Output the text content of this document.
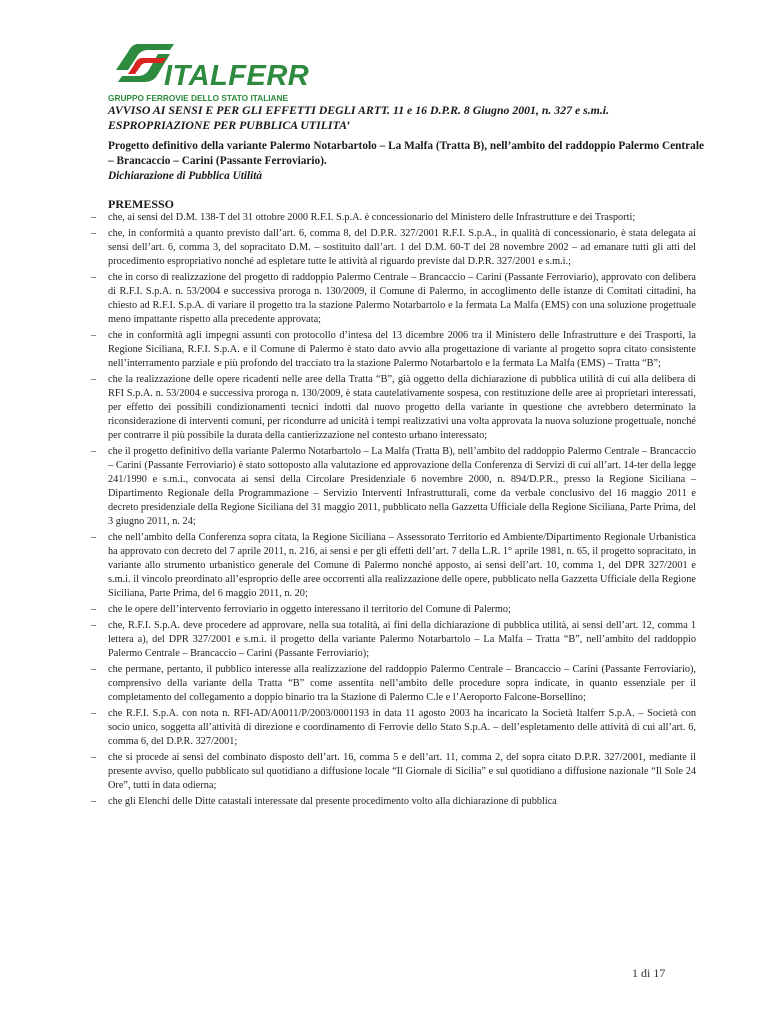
ITALFERR
GRUPPO FERROVIE DELLO STATO ITALIANE
AVVISO AI SENSI E PER GLI EFFETTI DEGLI ARTT. 11 e 16 D.P.R. 8 Giugno 2001, n. 327 e s.m.i.
ESPROPRIAZIONE PER PUBBLICA UTILITA’
Progetto definitivo della variante Palermo Notarbartolo – La Malfa (Tratta B), nell’ambito del raddoppio Palermo Centrale – Brancaccio – Carini (Passante Ferroviario).
Dichiarazione di Pubblica Utilità
PREMESSO
– che, ai sensi del D.M. 138-T del 31 ottobre 2000 R.F.I. S.p.A. è concessionario del Ministero delle Infrastrutture e dei Trasporti;
– che, in conformità a quanto previsto dall’art. 6, comma 8, del D.P.R. 327/2001 R.F.I. S.p.A., in qualità di concessionario, è stata delegata ai sensi dell’art. 6, comma 3, del sopracitato D.M. – sostituito dall’art. 1 del D.M. 60-T del 28 novembre 2002 – ad emanare tutti gli atti del procedimento espropriativo nonché ad espletare tutte le attività al riguardo previste dal D.P.R. 327/2001 e s.m.i.;
– che in corso di realizzazione del progetto di raddoppio Palermo Centrale – Brancaccio – Carini (Passante Ferroviario), approvato con delibera di R.F.I. S.p.A. n. 53/2004 e successiva proroga n. 130/2009, il Comune di Palermo, in accoglimento delle istanze di Comitati cittadini, ha chiesto ad R.F.I. S.p.A. di variare il progetto tra la stazione Palermo Notarbartolo e la fermata La Malfa (EMS) con una soluzione progettuale meno impattante rispetto alla precedente approvata;
– che in conformità agli impegni assunti con protocollo d’intesa del 13 dicembre 2006 tra il Ministero delle Infrastrutture e dei Trasporti, la Regione Siciliana, R.F.I. S.p.A. e il Comune di Palermo è stato dato avvio alla progettazione di variante al progetto sopra citato consistente nell’interramento parziale e più profondo del tracciato tra la stazione Palermo Notarbartolo e la fermata La Malfa (EMS) – Tratta “B”;
– che la realizzazione delle opere ricadenti nelle aree della Tratta “B”, già oggetto della dichiarazione di pubblica utilità di cui alla delibera di RFI S.p.A. n. 53/2004 e successiva proroga n. 130/2009, è stata cautelativamente sospesa, con restituzione delle aree ai proprietari interessati, per effetto dei possibili condizionamenti tecnici indotti dal nuovo progetto della variante in questione che avrebbero determinato la riconsiderazione di interventi comuni, per ricondurre ad unicità i tempi realizzativi una volta approvata la nuova soluzione progettuale, nonché per contrarre il più possibile la durata della cantierizzazione nel contesto urbano interessato;
– che il progetto definitivo della variante Palermo Notarbartolo – La Malfa (Tratta B), nell’ambito del raddoppio Palermo Centrale – Brancaccio – Carini (Passante Ferroviario) è stato sottoposto alla valutazione ed approvazione della Conferenza di Servizi di cui all’art. 14-ter della legge 241/1990 e s.m.i., convocata ai sensi della Circolare Presidenziale 6 novembre 2000, n. 894/D.P.R., presso la Regione Siciliana – Dipartimento Regionale della Programmazione – Servizio Interventi Infrastrutturali, come da verbale conclusivo del 16 maggio 2011 e decreto presidenziale della Regione Siciliana del 31 maggio 2011, pubblicato nella Gazzetta Ufficiale della Regione Siciliana, Parte Prima, del 3 giugno 2011, n. 24;
– che nell’ambito della Conferenza sopra citata, la Regione Siciliana – Assessorato Territorio ed Ambiente/Dipartimento Regionale Urbanistica ha approvato con decreto del 7 aprile 2011, n. 216, ai sensi e per gli effetti dell’art. 7 della L.R. 1° aprile 1981, n. 65, il progetto sopracitato, in variante allo strumento urbanistico generale del Comune di Palermo nonché apposto, ai sensi dell’art. 10, comma 1, del DPR 327/2001 e s.m.i. il vincolo preordinato all’esproprio delle aree occorrenti alla realizzazione delle opere, pubblicato nella Gazzetta Ufficiale della Regione Siciliana, Parte Prima, del 6 maggio 2011, n. 20;
– che le opere dell’intervento ferroviario in oggetto interessano il territorio del Comune di Palermo;
– che, R.F.I. S.p.A. deve procedere ad approvare, nella sua totalità, ai fini della dichiarazione di pubblica utilità, ai sensi dell’art. 12, comma 1 lettera a), del DPR 327/2001 e s.m.i. il progetto della variante Palermo Notarbartolo – La Malfa – Tratta “B”, nell’ambito del raddoppio Palermo Centrale – Brancaccio – Carini (Passante Ferroviario);
– che permane, pertanto, il pubblico interesse alla realizzazione del raddoppio Palermo Centrale – Brancaccio – Carini (Passante Ferroviario), comprensivo della variante della Tratta “B” come assentita nell’ambito delle procedure sopra indicate, in quanto essenziale per il completamento del collegamento a doppio binario tra la Stazione di Palermo C.le e l’Aeroporto Falcone-Borsellino;
– che R.F.I. S.p.A. con nota n. RFI-AD/A0011/P/2003/0001193 in data 11 agosto 2003 ha incaricato la Società Italferr S.p.A. – Società con socio unico, soggetta all’attività di direzione e coordinamento di Ferrovie dello Stato S.p.A. – dell’espletamento delle attività di cui all’art. 6, comma 6, del D.P.R. 327/2001;
– che si procede ai sensi del combinato disposto dell’art. 16, comma 5 e dell’art. 11, comma 2, del sopra citato D.P.R. 327/2001, mediante il presente avviso, quello pubblicato sul quotidiano a diffusione locale “Il Giornale di Sicilia” e sul quotidiano a diffusione nazionale “Il Sole 24 Ore”, tutti in data odierna;
– che gli Elenchi delle Ditte catastali interessate dal presente procedimento volto alla dichiarazione di pubblica
1 di 17
